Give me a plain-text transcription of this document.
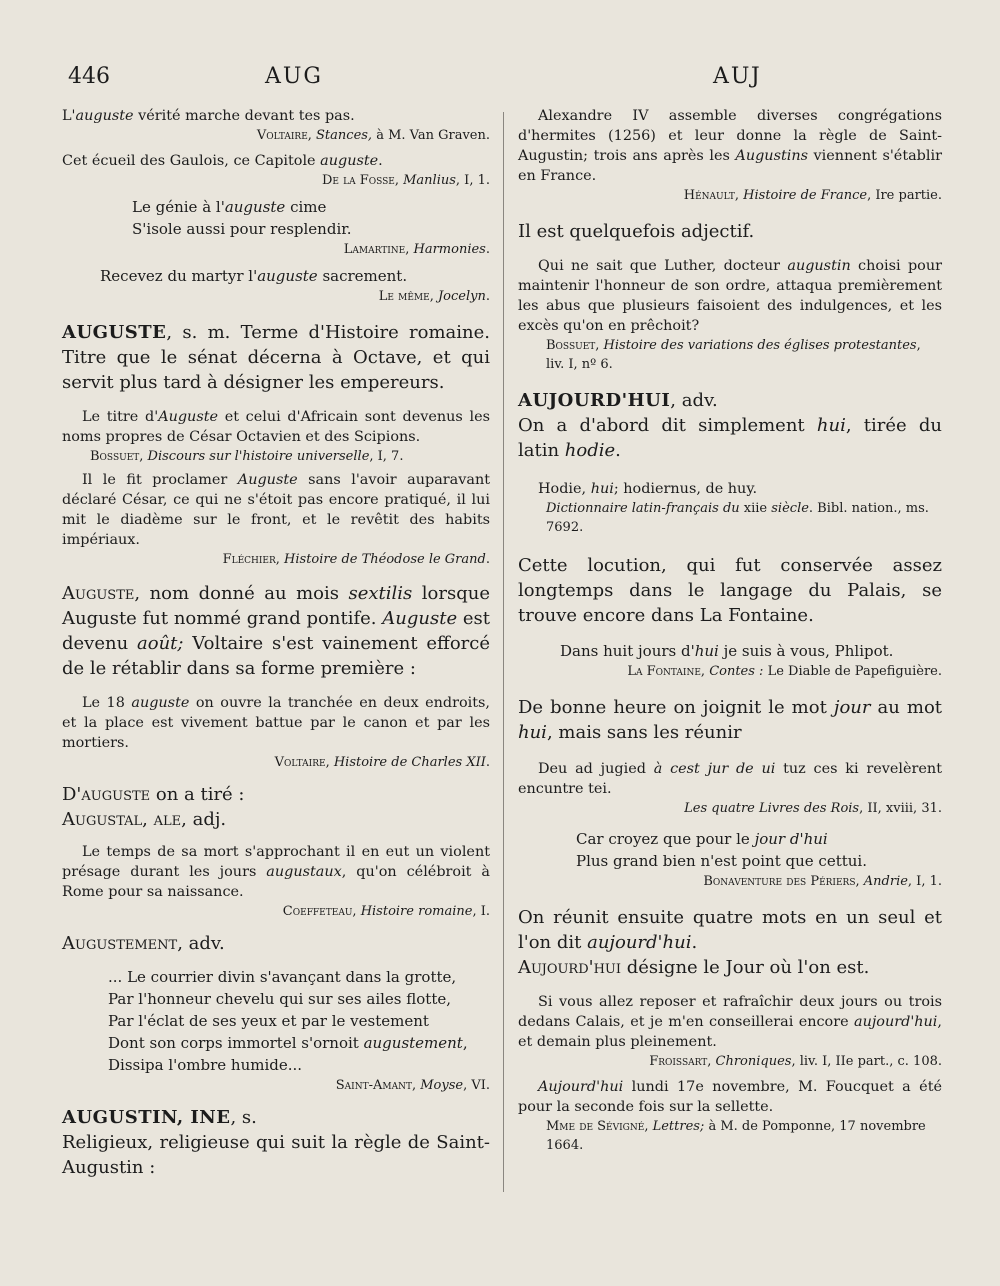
446	AUG	AUJ

L'auguste vérité marche devant tes pas.

Voltaire, Stances, à M. Van Graven.

Cet écueil des Gaulois, ce Capitole auguste.

De la Fosse, Manlius, I, 1.

Le génie à l'auguste cime

S'isole aussi pour resplendir.

Lamartine, Harmonies.

Recevez du martyr l'auguste sacrement.

Le même, Jocelyn.

AUGUSTE, s. m. Terme d'Histoire romaine. Titre que le sénat décerna à Octave, et qui servit plus tard à désigner les empereurs.

Le titre d'Auguste et celui d'Africain sont devenus les noms propres de César Octavien et des Scipions.

Bossuet, Discours sur l'histoire universelle, I, 7.

Il le fit proclamer Auguste sans l'avoir auparavant déclaré César, ce qui ne s'étoit pas encore pratiqué, il lui mit le diadème sur le front, et le revêtit des habits impériaux.

Fléchier, Histoire de Théodose le Grand.

Auguste, nom donné au mois sextilis lorsque Auguste fut nommé grand pontife. Auguste est devenu août; Voltaire s'est vainement efforcé de le rétablir dans sa forme première :

Le 18 auguste on ouvre la tranchée en deux endroits, et la place est vivement battue par le canon et par les mortiers.

Voltaire, Histoire de Charles XII.

D'auguste on a tiré :

Augustal, ale, adj.

Le temps de sa mort s'approchant il en eut un violent présage durant les jours augustaux, qu'on célébroit à Rome pour sa naissance.

Coeffeteau, Histoire romaine, I.

Augustement, adv.

... Le courrier divin s'avançant dans la grotte,

Par l'honneur chevelu qui sur ses ailes flotte,

Par l'éclat de ses yeux et par le vestement

Dont son corps immortel s'ornoit augustement,

Dissipa l'ombre humide...

Saint-Amant, Moyse, VI.

AUGUSTIN, INE, s.

Religieux, religieuse qui suit la règle de Saint-Augustin :

Alexandre IV assemble diverses congrégations d'hermites (1256) et leur donne la règle de Saint-Augustin; trois ans après les Augustins viennent s'établir en France.

Hénault, Histoire de France, Ire partie.

Il est quelquefois adjectif.

Qui ne sait que Luther, docteur augustin choisi pour maintenir l'honneur de son ordre, attaqua premièrement les abus que plusieurs faisoient des indulgences, et les excès qu'on en prêchoit?

Bossuet, Histoire des variations des églises protestantes, liv. I, nº 6.

AUJOURD'HUI, adv.

On a d'abord dit simplement hui, tirée du latin hodie.

Hodie, hui; hodiernus, de huy.

Dictionnaire latin-français du xiie siècle. Bibl. nation., ms. 7692.

Cette locution, qui fut conservée assez longtemps dans le langage du Palais, se trouve encore dans La Fontaine.

Dans huit jours d'hui je suis à vous, Phlipot.

La Fontaine, Contes : Le Diable de Papefiguière.

De bonne heure on joignit le mot jour au mot hui, mais sans les réunir

Deu ad jugied à cest jur de ui tuz ces ki revelèrent encuntre tei.

Les quatre Livres des Rois, II, xviii, 31.

Car croyez que pour le jour d'hui

Plus grand bien n'est point que cettui.

Bonaventure des Périers, Andrie, I, 1.

On réunit ensuite quatre mots en un seul et l'on dit aujourd'hui.

Aujourd'hui désigne le Jour où l'on est.

Si vous allez reposer et rafraîchir deux jours ou trois dedans Calais, et je m'en conseillerai encore aujourd'hui, et demain plus pleinement.

Froissart, Chroniques, liv. I, IIe part., c. 108.

Aujourd'hui lundi 17e novembre, M. Foucquet a été pour la seconde fois sur la sellette.

Mme de Sévigné, Lettres; à M. de Pomponne, 17 novembre 1664.
